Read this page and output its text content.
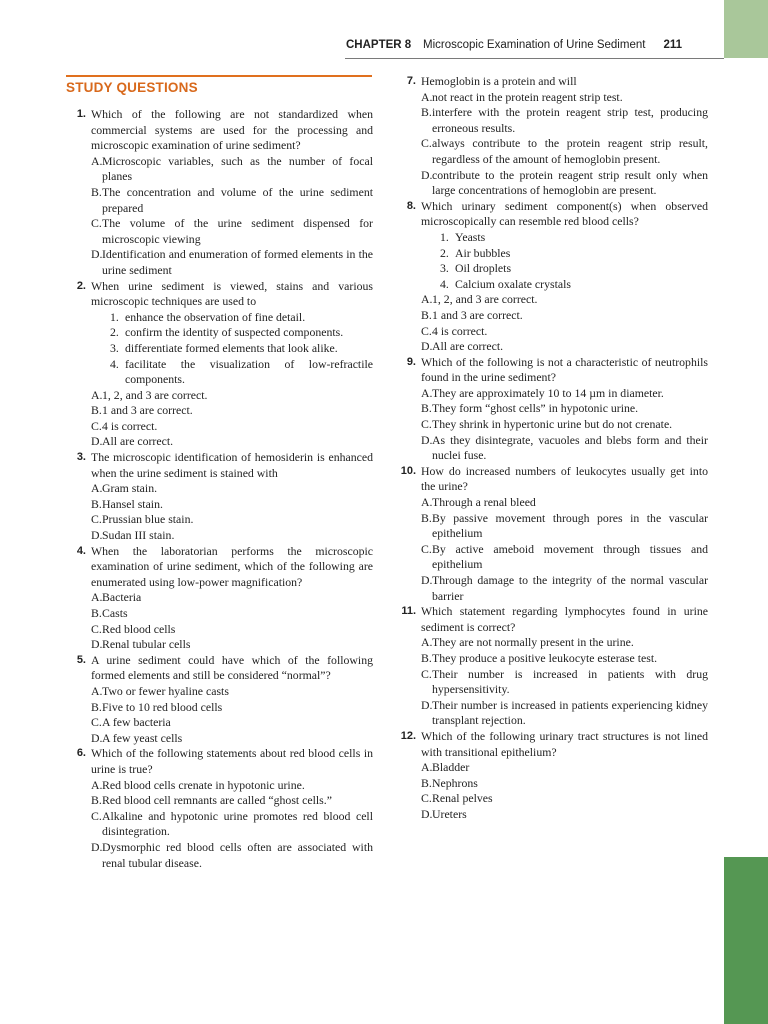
CHAPTER 8 Microscopic Examination of Urine Sediment 211
STUDY QUESTIONS
1. Which of the following are not standardized when commercial systems are used for the processing and microscopic examination of urine sediment?
A. Microscopic variables, such as the number of focal planes
B. The concentration and volume of the urine sediment prepared
C. The volume of the urine sediment dispensed for microscopic viewing
D. Identification and enumeration of formed elements in the urine sediment
2. When urine sediment is viewed, stains and various microscopic techniques are used to
1. enhance the observation of fine detail.
2. confirm the identity of suspected components.
3. differentiate formed elements that look alike.
4. facilitate the visualization of low-refractile components.
A. 1, 2, and 3 are correct.
B. 1 and 3 are correct.
C. 4 is correct.
D. All are correct.
3. The microscopic identification of hemosiderin is enhanced when the urine sediment is stained with
A. Gram stain.
B. Hansel stain.
C. Prussian blue stain.
D. Sudan III stain.
4. When the laboratorian performs the microscopic examination of urine sediment, which of the following are enumerated using low-power magnification?
A. Bacteria
B. Casts
C. Red blood cells
D. Renal tubular cells
5. A urine sediment could have which of the following formed elements and still be considered “normal”?
A. Two or fewer hyaline casts
B. Five to 10 red blood cells
C. A few bacteria
D. A few yeast cells
6. Which of the following statements about red blood cells in urine is true?
A. Red blood cells crenate in hypotonic urine.
B. Red blood cell remnants are called “ghost cells.”
C. Alkaline and hypotonic urine promotes red blood cell disintegration.
D. Dysmorphic red blood cells often are associated with renal tubular disease.
7. Hemoglobin is a protein and will
A. not react in the protein reagent strip test.
B. interfere with the protein reagent strip test, producing erroneous results.
C. always contribute to the protein reagent strip result, regardless of the amount of hemoglobin present.
D. contribute to the protein reagent strip result only when large concentrations of hemoglobin are present.
8. Which urinary sediment component(s) when observed microscopically can resemble red blood cells?
1. Yeasts
2. Air bubbles
3. Oil droplets
4. Calcium oxalate crystals
A. 1, 2, and 3 are correct.
B. 1 and 3 are correct.
C. 4 is correct.
D. All are correct.
9. Which of the following is not a characteristic of neutrophils found in the urine sediment?
A. They are approximately 10 to 14 µm in diameter.
B. They form “ghost cells” in hypotonic urine.
C. They shrink in hypertonic urine but do not crenate.
D. As they disintegrate, vacuoles and blebs form and their nuclei fuse.
10. How do increased numbers of leukocytes usually get into the urine?
A. Through a renal bleed
B. By passive movement through pores in the vascular epithelium
C. By active ameboid movement through tissues and epithelium
D. Through damage to the integrity of the normal vascular barrier
11. Which statement regarding lymphocytes found in urine sediment is correct?
A. They are not normally present in the urine.
B. They produce a positive leukocyte esterase test.
C. Their number is increased in patients with drug hypersensitivity.
D. Their number is increased in patients experiencing kidney transplant rejection.
12. Which of the following urinary tract structures is not lined with transitional epithelium?
A. Bladder
B. Nephrons
C. Renal pelves
D. Ureters
